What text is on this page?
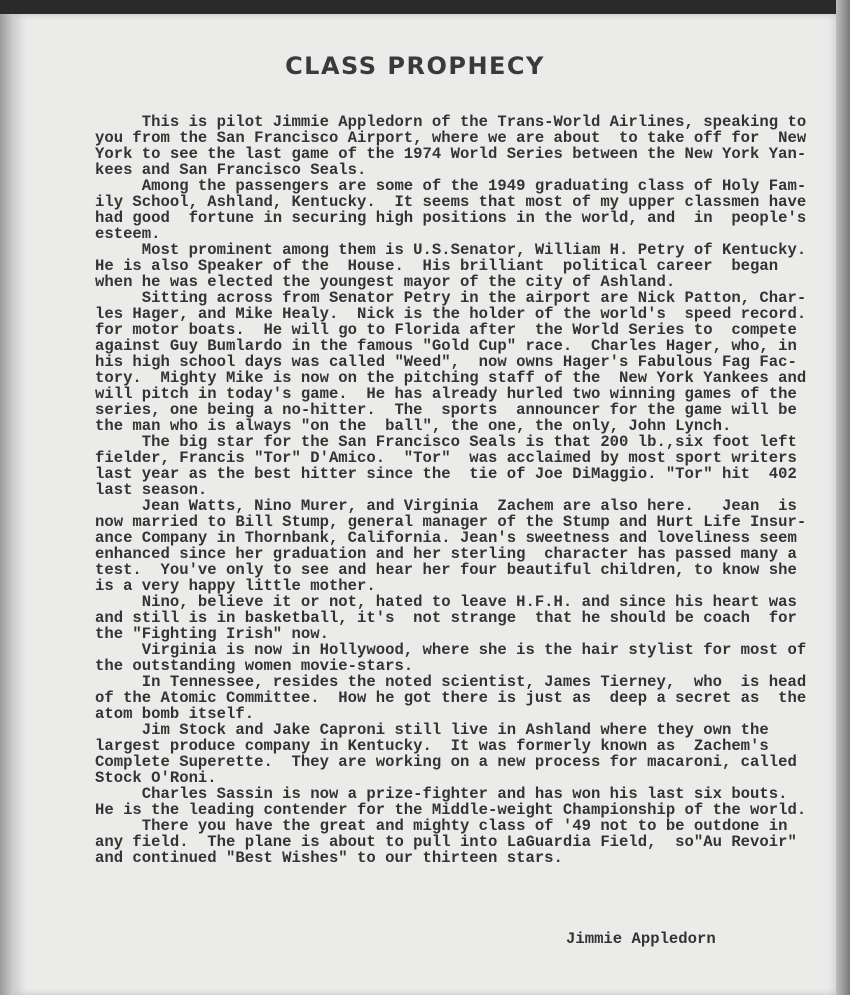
CLASS PROPHECY
This is pilot Jimmie Appledorn of the Trans-World Airlines, speaking to
you from the San Francisco Airport, where we are about  to take off for  New
York to see the last game of the 1974 World Series between the New York Yan-
kees and San Francisco Seals.
Among the passengers are some of the 1949 graduating class of Holy Fam-
ily School, Ashland, Kentucky.  It seems that most of my upper classmen have
had good  fortune in securing high positions in the world, and  in  people's
esteem.
Most prominent among them is U.S.Senator, William H. Petry of Kentucky.
He is also Speaker of the  House.  His brilliant  political career  began
when he was elected the youngest mayor of the city of Ashland.
Sitting across from Senator Petry in the airport are Nick Patton, Char-
les Hager, and Mike Healy.  Nick is the holder of the world's  speed record.
for motor boats.  He will go to Florida after  the World Series to  compete
against Guy Bumlardo in the famous "Gold Cup" race.  Charles Hager, who, in
his high school days was called "Weed",  now owns Hager's Fabulous Fag Fac-
tory.  Mighty Mike is now on the pitching staff of the  New York Yankees and
will pitch in today's game.  He has already hurled two winning games of the
series, one being a no-hitter.  The  sports  announcer for the game will be
the man who is always "on the  ball", the one, the only, John Lynch.
The big star for the San Francisco Seals is that 200 lb.,six foot left
fielder, Francis "Tor" D'Amico.  "Tor"  was acclaimed by most sport writers
last year as the best hitter since the  tie of Joe DiMaggio. "Tor" hit  402
last season.
Jean Watts, Nino Murer, and Virginia  Zachem are also here.   Jean  is
now married to Bill Stump, general manager of the Stump and Hurt Life Insur-
ance Company in Thornbank, California. Jean's sweetness and loveliness seem
enhanced since her graduation and her sterling  character has passed many a
test.  You've only to see and hear her four beautiful children, to know she
is a very happy little mother.
Nino, believe it or not, hated to leave H.F.H. and since his heart was
and still is in basketball, it's  not strange  that he should be coach  for
the "Fighting Irish" now.
Virginia is now in Hollywood, where she is the hair stylist for most of
the outstanding women movie-stars.
In Tennessee, resides the noted scientist, James Tierney,  who  is head
of the Atomic Committee.  How he got there is just as  deep a secret as  the
atom bomb itself.
Jim Stock and Jake Caproni still live in Ashland where they own the
largest produce company in Kentucky.  It was formerly known as  Zachem's
Complete Superette.  They are working on a new process for macaroni, called
Stock O'Roni.
Charles Sassin is now a prize-fighter and has won his last six bouts.
He is the leading contender for the Middle-weight Championship of the world.
There you have the great and mighty class of '49 not to be outdone in
any field.  The plane is about to pull into LaGuardia Field,  so"Au Revoir"
and continued "Best Wishes" to our thirteen stars.
Jimmie Appledorn
